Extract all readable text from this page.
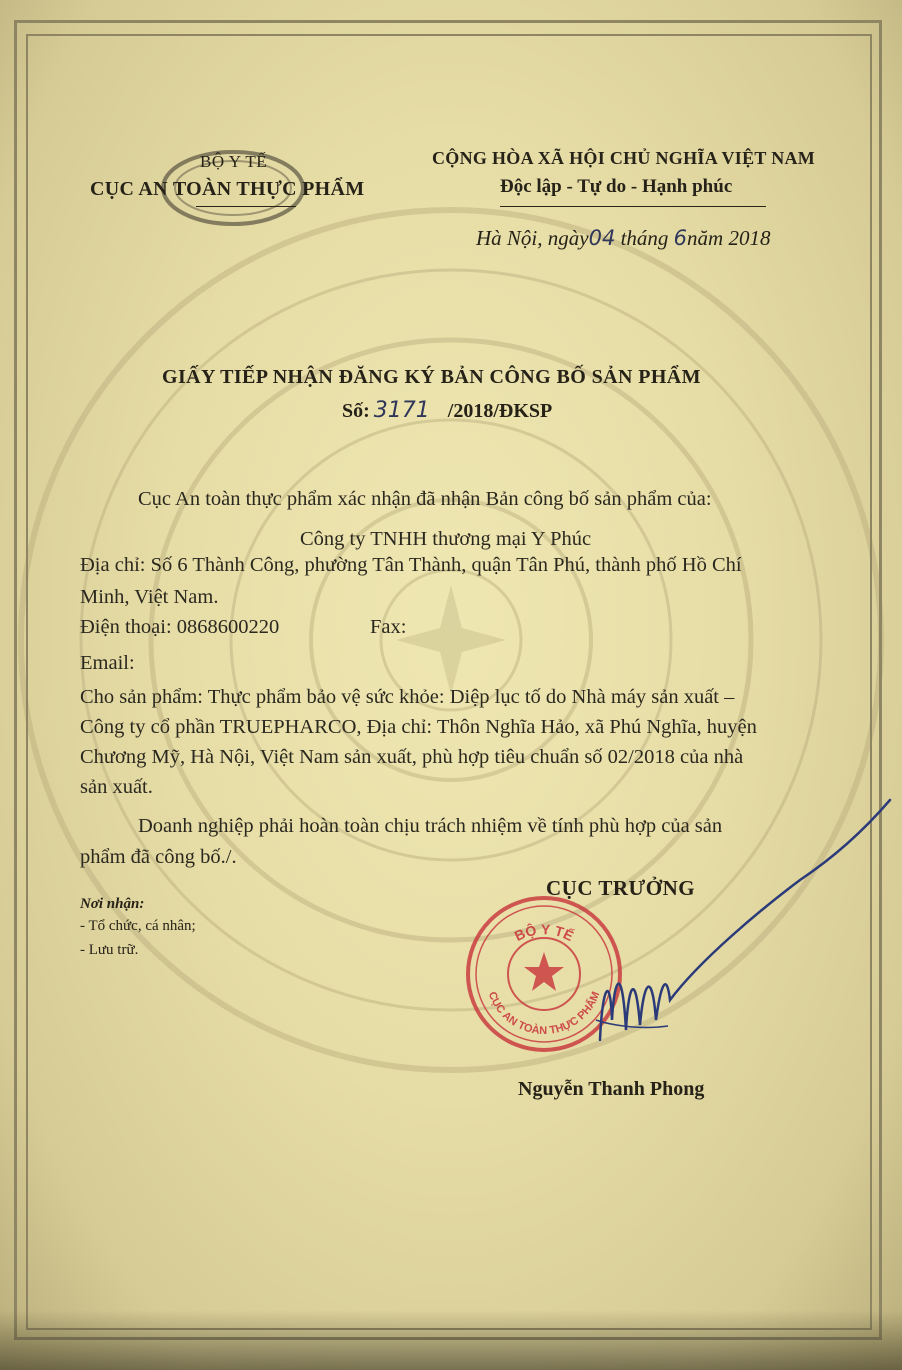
BỘ Y TẾ
CỤC AN TOÀN THỰC PHẨM
CỘNG HÒA XÃ HỘI CHỦ NGHĨA VIỆT NAM
Độc lập - Tự do - Hạnh phúc
Hà Nội, ngày04 tháng 6năm 2018
GIẤY TIẾP NHẬN ĐĂNG KÝ BẢN CÔNG BỐ SẢN PHẨM
Số: 3171 /2018/ĐKSP
Cục An toàn thực phẩm xác nhận đã nhận Bản công bố sản phẩm của:
Công ty TNHH thương mại Y Phúc
Địa chỉ: Số 6 Thành Công, phường Tân Thành, quận Tân Phú, thành phố Hồ Chí
Minh, Việt Nam.
Điện thoại: 0868600220	Fax:
Email:
Cho sản phẩm: Thực phẩm bảo vệ sức khỏe: Diệp lục tố do Nhà máy sản xuất –
Công ty cổ phần TRUEPHARCO, Địa chỉ: Thôn Nghĩa Hảo, xã Phú Nghĩa, huyện
Chương Mỹ, Hà Nội, Việt Nam sản xuất, phù hợp tiêu chuẩn số 02/2018 của nhà
sản xuất.
Doanh nghiệp phải hoàn toàn chịu trách nhiệm về tính phù hợp của sản
phẩm đã công bố./.
Nơi nhận:
- Tổ chức, cá nhân;
- Lưu trữ.
CỤC TRƯỞNG
BỘ Y TẾ
CỤC AN TOÀN THỰC PHẨM
Nguyễn Thanh Phong
